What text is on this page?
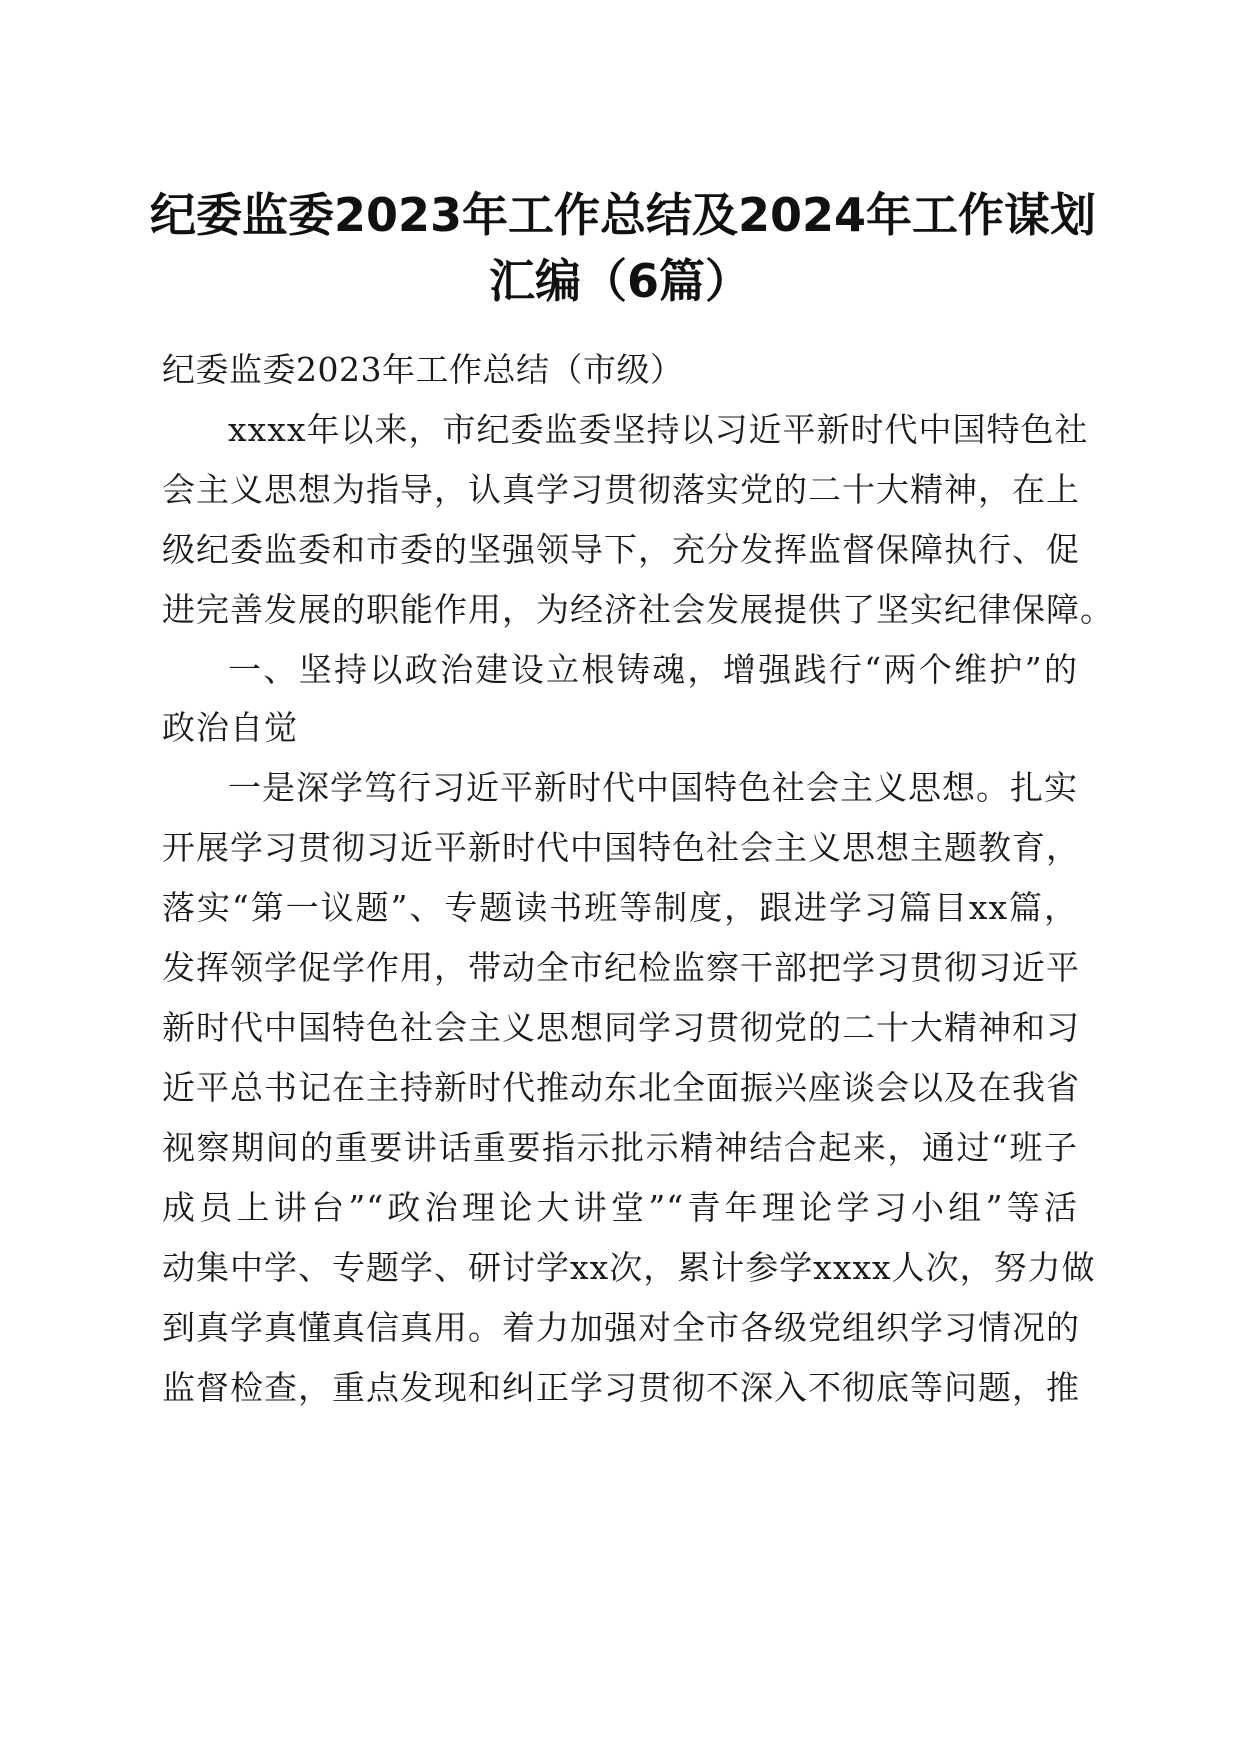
纪委监委2023年工作总结及2024年工作谋划
汇编（6篇）
纪委监委2023年工作总结（市级）
xxxx年以来，市纪委监委坚持以习近平新时代中国特色社
会主义思想为指导，认真学习贯彻落实党的二十大精神，在上
级纪委监委和市委的坚强领导下，充分发挥监督保障执行、促
进完善发展的职能作用，为经济社会发展提供了坚实纪律保障。
一、坚持以政治建设立根铸魂，增强践行“两个维护”的
政治自觉
一是深学笃行习近平新时代中国特色社会主义思想。扎实
开展学习贯彻习近平新时代中国特色社会主义思想主题教育，
落实“第一议题”、专题读书班等制度，跟进学习篇目xx篇，
发挥领学促学作用，带动全市纪检监察干部把学习贯彻习近平
新时代中国特色社会主义思想同学习贯彻党的二十大精神和习
近平总书记在主持新时代推动东北全面振兴座谈会以及在我省
视察期间的重要讲话重要指示批示精神结合起来，通过“班子
成员上讲台”“政治理论大讲堂”“青年理论学习小组”等活
动集中学、专题学、研讨学xx次，累计参学xxxx人次，努力做
到真学真懂真信真用。着力加强对全市各级党组织学习情况的
监督检查，重点发现和纠正学习贯彻不深入不彻底等问题，推
